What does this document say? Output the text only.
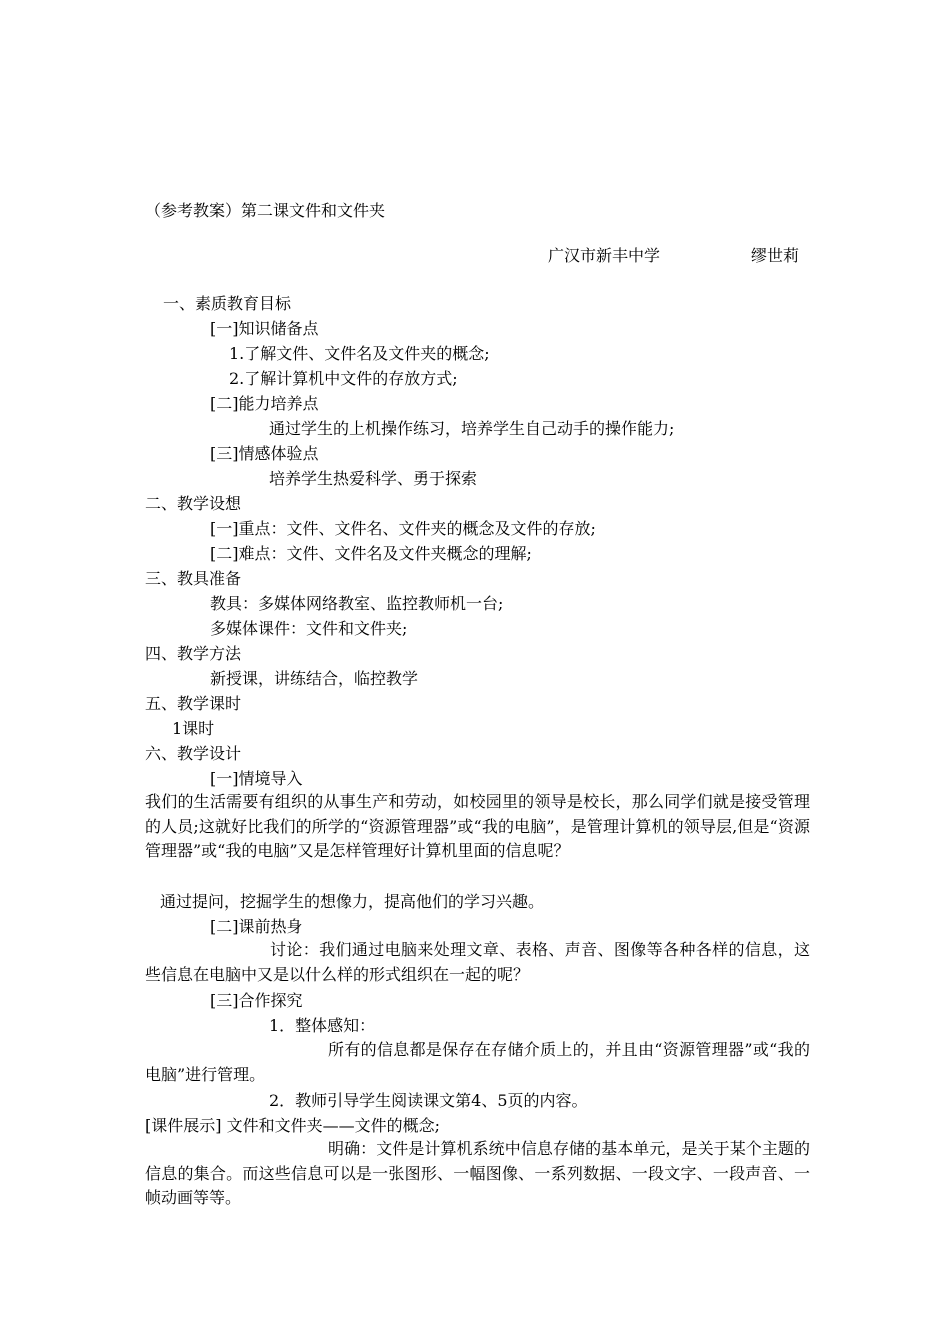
（参考教案）第二课文件和文件夹
广汉市新丰中学	缪世莉
一、素质教育目标
[一]知识储备点
1.了解文件、文件名及文件夹的概念;
2.了解计算机中文件的存放方式;
[二]能力培养点
通过学生的上机操作练习，培养学生自己动手的操作能力;
[三]情感体验点
培养学生热爱科学、勇于探索
二、教学设想
[一]重点：文件、文件名、文件夹的概念及文件的存放;
[二]难点：文件、文件名及文件夹概念的理解;
三、教具准备
教具：多媒体网络教室、监控教师机一台;
多媒体课件：文件和文件夹;
四、教学方法
新授课，讲练结合，临控教学
五、教学课时
1课时
六、教学设计
[一]情境导入
我们的生活需要有组织的从事生产和劳动，如校园里的领导是校长，那么同学们就是接受管理的人员;这就好比我们的所学的“资源管理器”或“我的电脑”，是管理计算机的领导层,但是“资源管理器”或“我的电脑”又是怎样管理好计算机里面的信息呢？
通过提问，挖掘学生的想像力，提高他们的学习兴趣。
[二]课前热身
讨论：我们通过电脑来处理文章、表格、声音、图像等各种各样的信息，这些信息在电脑中又是以什么样的形式组织在一起的呢？
[三]合作探究
1．整体感知：
所有的信息都是保存在存储介质上的，并且由“资源管理器”或“我的电脑”进行管理。
2．教师引导学生阅读课文第4、5页的内容。
[课件展示] 文件和文件夹——文件的概念;
明确：文件是计算机系统中信息存储的基本单元，是关于某个主题的信息的集合。而这些信息可以是一张图形、一幅图像、一系列数据、一段文字、一段声音、一帧动画等等。
